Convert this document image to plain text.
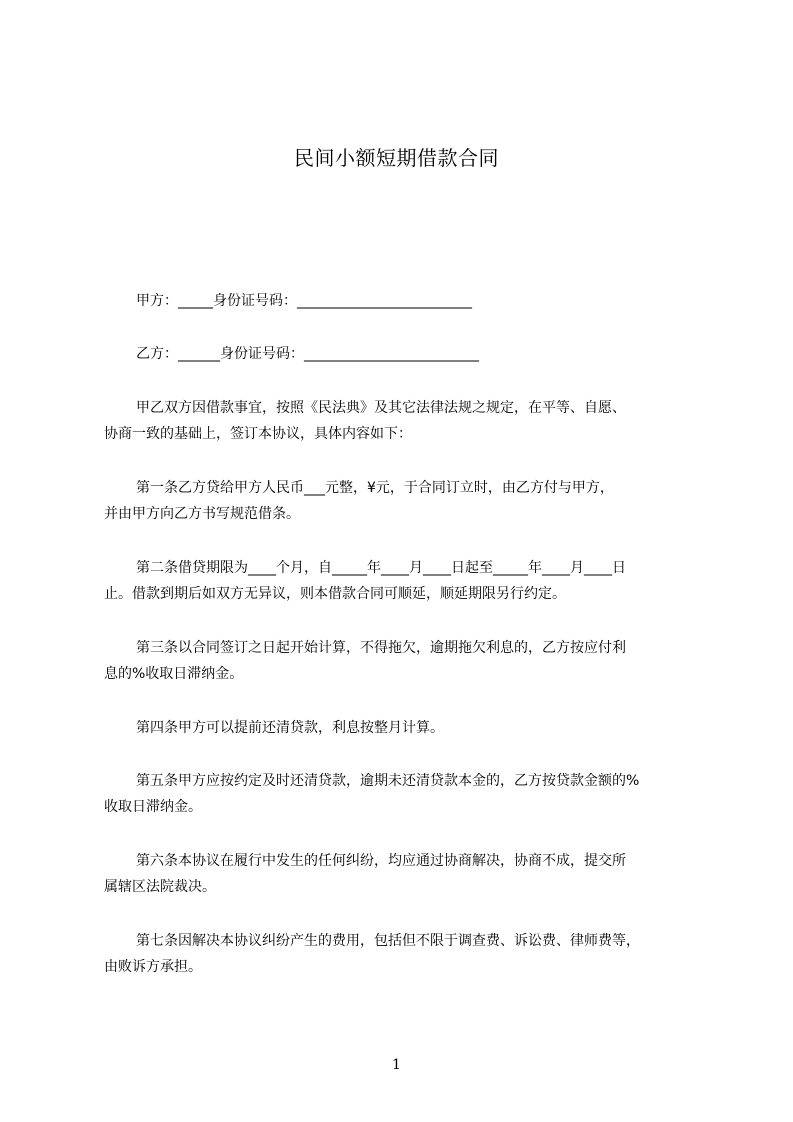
民间小额短期借款合同
甲方：_____身份证号码：_________________________
乙方：______身份证号码：_________________________
甲乙双方因借款事宜，按照《民法典》及其它法律法规之规定，在平等、自愿、
协商一致的基础上，签订本协议，具体内容如下：
第一条乙方贷给甲方人民币___元整，¥元，于合同订立时，由乙方付与甲方，
并由甲方向乙方书写规范借条。
第二条借贷期限为____个月，自_____年____月____日起至_____年____月____日
止。借款到期后如双方无异议，则本借款合同可顺延，顺延期限另行约定。
第三条以合同签订之日起开始计算，不得拖欠，逾期拖欠利息的，乙方按应付利
息的%收取日滞纳金。
第四条甲方可以提前还清贷款，利息按整月计算。
第五条甲方应按约定及时还清贷款，逾期未还清贷款本金的，乙方按贷款金额的%
收取日滞纳金。
第六条本协议在履行中发生的任何纠纷，均应通过协商解决，协商不成，提交所
属辖区法院裁决。
第七条因解决本协议纠纷产生的费用，包括但不限于调查费、诉讼费、律师费等，
由败诉方承担。
1
